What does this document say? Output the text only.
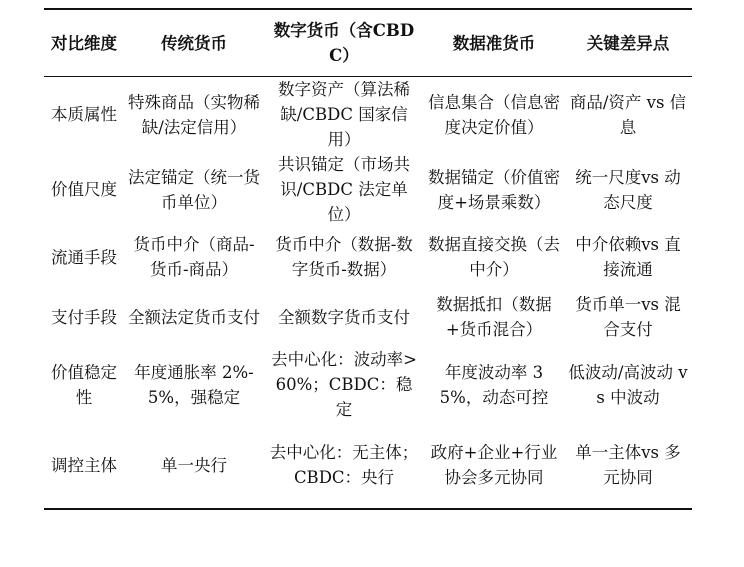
对比维度	传统货币	数字货币（含CBDC）	数据准货币	关键差异点
本质属性	特殊商品（实物稀缺/法定信用）	数字资产（算法稀缺/CBDC 国家信用）	信息集合（信息密度决定价值）	商品/资产 vs 信息
价值尺度	法定锚定（统一货币单位）	共识锚定（市场共识/CBDC 法定单位）	数据锚定（价值密度+场景乘数）	统一尺度vs 动态尺度
流通手段	货币中介（商品-货币-商品）	货币中介（数据-数字货币-数据）	数据直接交换（去中介）	中介依赖vs 直接流通
支付手段	全额法定货币支付	全额数字货币支付	数据抵扣（数据+货币混合）	货币单一vs 混合支付
价值稳定性	年度通胀率 2%-5%，强稳定	去中心化：波动率>60%；CBDC：稳定	年度波动率 35%，动态可控	低波动/高波动 vs 中波动
调控主体	单一央行	去中心化：无主体；CBDC：央行	政府+企业+行业协会多元协同	单一主体vs 多元协同
